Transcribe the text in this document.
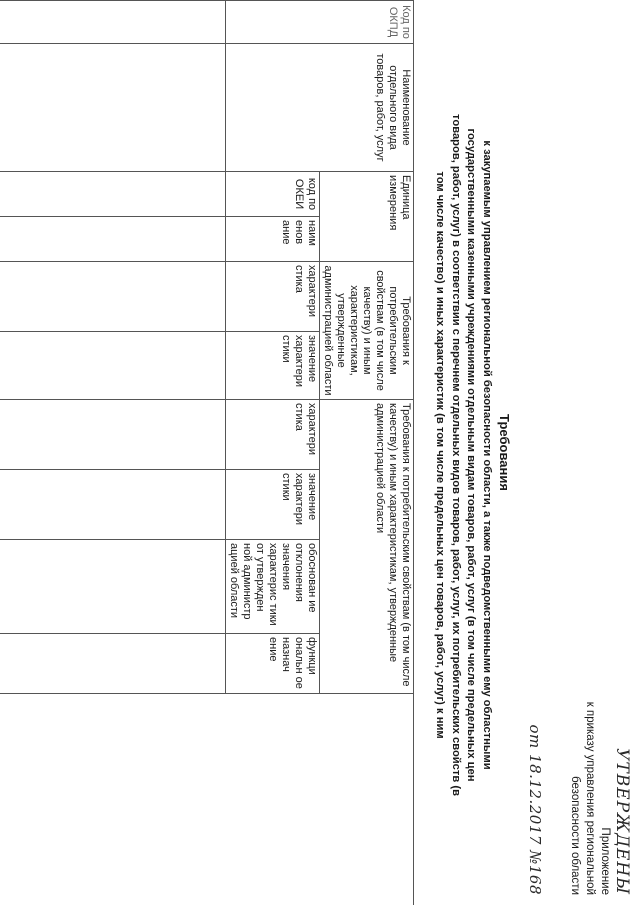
УТВЕРЖДЕНЫ
Приложение
к приказу управления региональной
безопасности области
от 18.12.2017 №168
Требования
к закупаемым управлением региональной безопасности области, а также подведомственными ему областными
государственными казенными учреждениями отдельным видам товаров, работ, услуг (в том числе предельных цен
товаров, работ, услуг) в соответствии с перечнем отдельных видов товаров, работ, услуг, их потребительских свойств (в
том числе качество) и иных характеристик (в том числе предельных цен товаров, работ, услуг) к ним
Код по ОКПД	Наименование отдельного вида товаров, работ, услуг	Единица измерения		Требования к потребительским свойствам (в том числе качеству) и иным характеристикам, утвержденные администрацией области		Требования к потребительским свойствам (в том числе качеству) и иным характеристикам, утвержденные администрацией области				

		код по ОКЕИ	наим енов ание	характери стика	значение характери стики	характери стика	значение характери стики	обоснован ие отклонения значения характерис тики от утвержден ной администр ацией области	функци ональн ое назнач ение	
